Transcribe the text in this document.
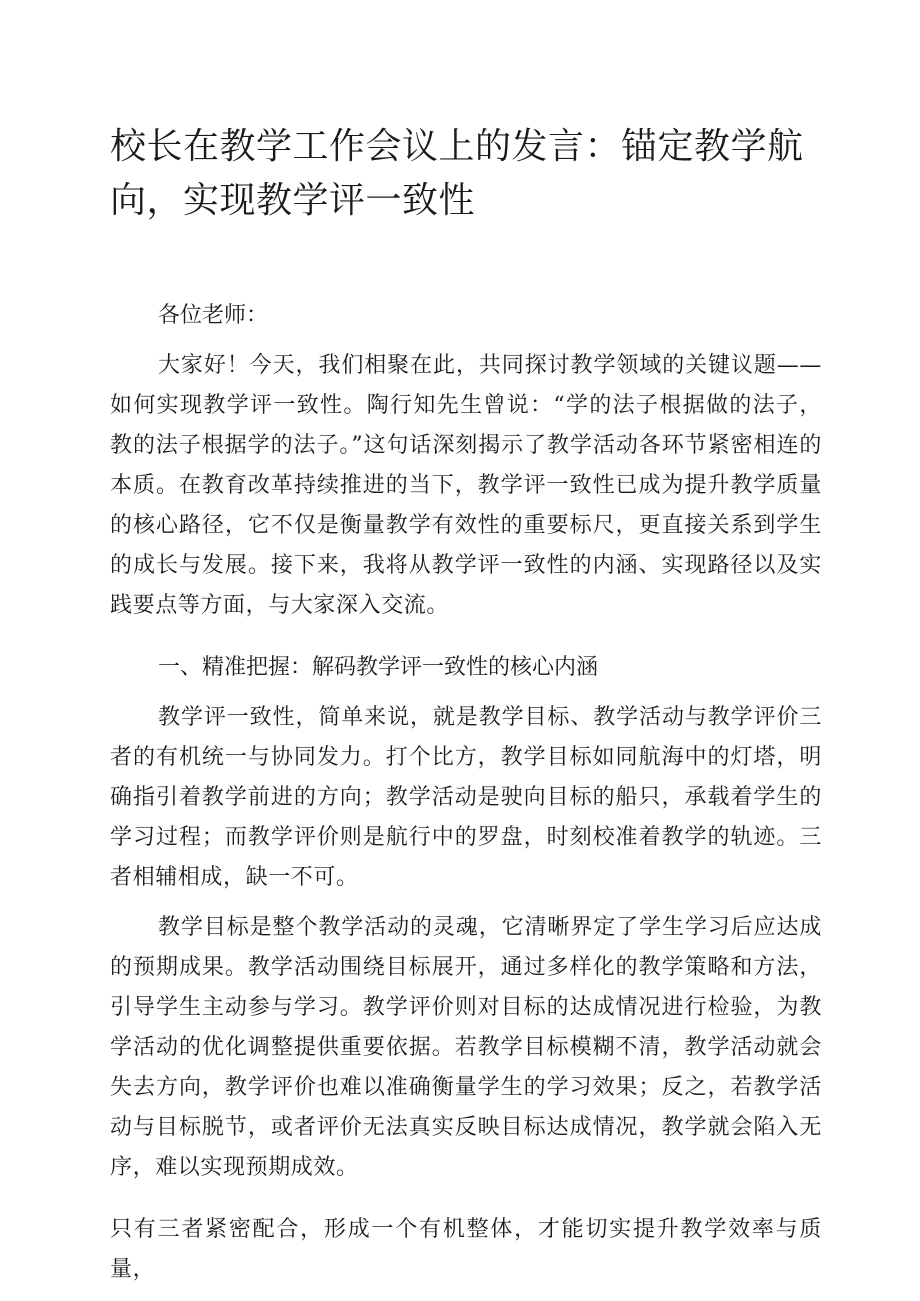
校长在教学工作会议上的发言：锚定教学航向，实现教学评一致性

各位老师：

大家好！今天，我们相聚在此，共同探讨教学领域的关键议题——如何实现教学评一致性。陶行知先生曾说：“学的法子根据做的法子，教的法子根据学的法子。”这句话深刻揭示了教学活动各环节紧密相连的本质。在教育改革持续推进的当下，教学评一致性已成为提升教学质量的核心路径，它不仅是衡量教学有效性的重要标尺，更直接关系到学生的成长与发展。接下来，我将从教学评一致性的内涵、实现路径以及实践要点等方面，与大家深入交流。

一、精准把握：解码教学评一致性的核心内涵

教学评一致性，简单来说，就是教学目标、教学活动与教学评价三者的有机统一与协同发力。打个比方，教学目标如同航海中的灯塔，明确指引着教学前进的方向；教学活动是驶向目标的船只，承载着学生的学习过程；而教学评价则是航行中的罗盘，时刻校准着教学的轨迹。三者相辅相成，缺一不可。

教学目标是整个教学活动的灵魂，它清晰界定了学生学习后应达成的预期成果。教学活动围绕目标展开，通过多样化的教学策略和方法，引导学生主动参与学习。教学评价则对目标的达成情况进行检验，为教学活动的优化调整提供重要依据。若教学目标模糊不清，教学活动就会失去方向，教学评价也难以准确衡量学生的学习效果；反之，若教学活动与目标脱节，或者评价无法真实反映目标达成情况，教学就会陷入无序，难以实现预期成效。

只有三者紧密配合，形成一个有机整体，才能切实提升教学效率与质量，
